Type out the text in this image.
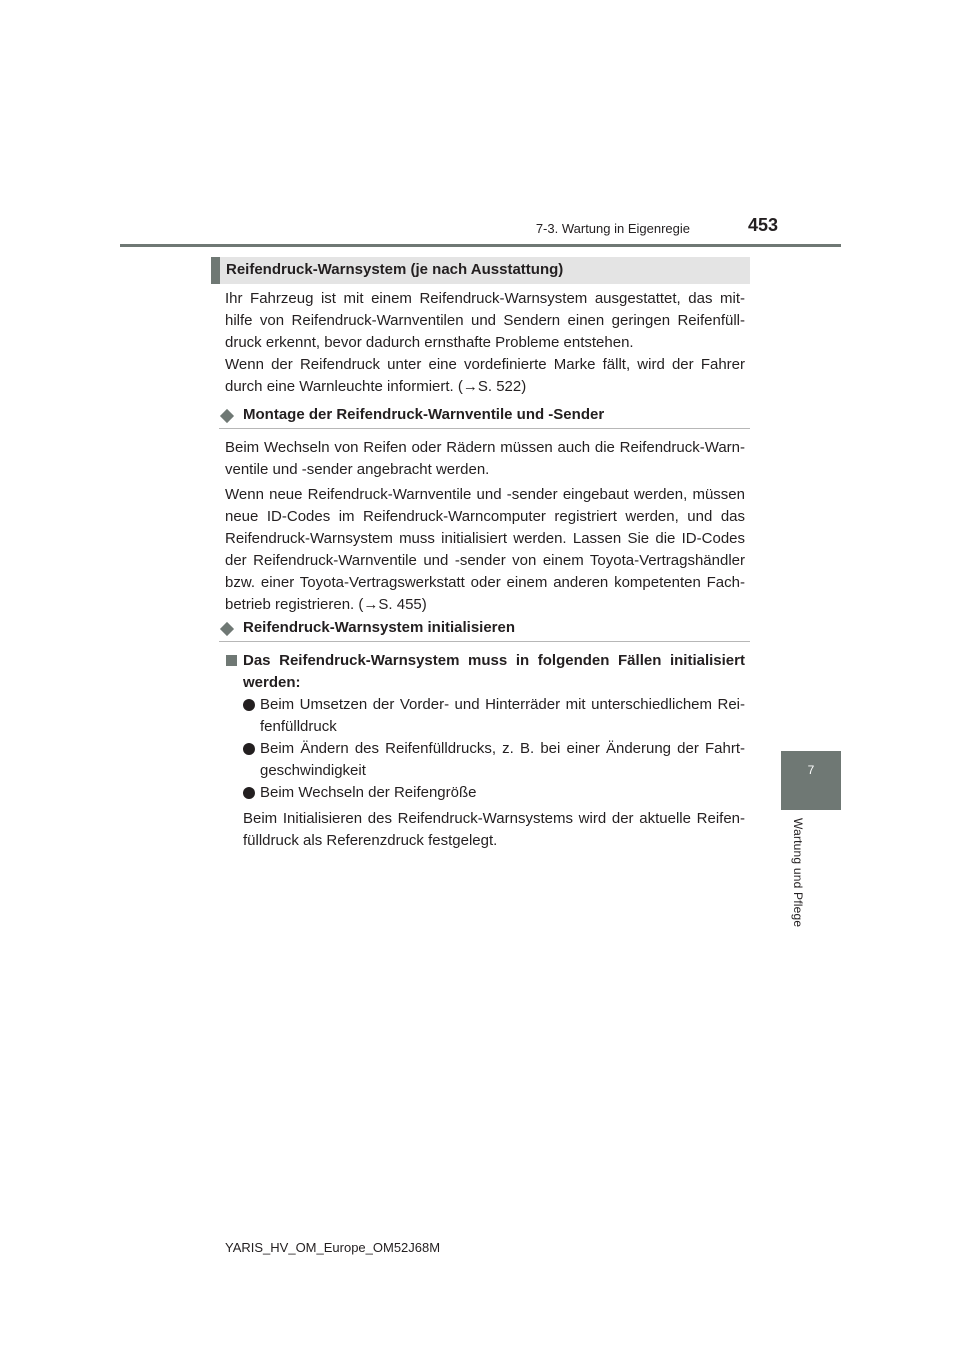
7-3. Wartung in Eigenregie	453
7
Wartung und Pflege
Reifendruck-Warnsystem (je nach Ausstattung)
Ihr Fahrzeug ist mit einem Reifendruck-Warnsystem ausgestattet, das mit-
hilfe von Reifendruck-Warnventilen und Sendern einen geringen Reifenfüll-
druck erkennt, bevor dadurch ernsthafte Probleme entstehen.
Wenn der Reifendruck unter eine vordefinierte Marke fällt, wird der Fahrer
durch eine Warnleuchte informiert. (→S. 522)
Montage der Reifendruck-Warnventile und -Sender
Beim Wechseln von Reifen oder Rädern müssen auch die Reifendruck-Warn-
ventile und -sender angebracht werden.
Wenn neue Reifendruck-Warnventile und -sender eingebaut werden, müssen
neue ID-Codes im Reifendruck-Warncomputer registriert werden, und das
Reifendruck-Warnsystem muss initialisiert werden. Lassen Sie die ID-Codes
der Reifendruck-Warnventile und -sender von einem Toyota-Vertragshändler
bzw. einer Toyota-Vertragswerkstatt oder einem anderen kompetenten Fach-
betrieb registrieren. (→S. 455)
Reifendruck-Warnsystem initialisieren
Das Reifendruck-Warnsystem muss in folgenden Fällen initialisiert
werden:
Beim Umsetzen der Vorder- und Hinterräder mit unterschiedlichem Rei-
fenfülldruck
Beim Ändern des Reifenfülldrucks, z. B. bei einer Änderung der Fahrt-
geschwindigkeit
Beim Wechseln der Reifengröße
Beim Initialisieren des Reifendruck-Warnsystems wird der aktuelle Reifen-
fülldruck als Referenzdruck festgelegt.
YARIS_HV_OM_Europe_OM52J68M
